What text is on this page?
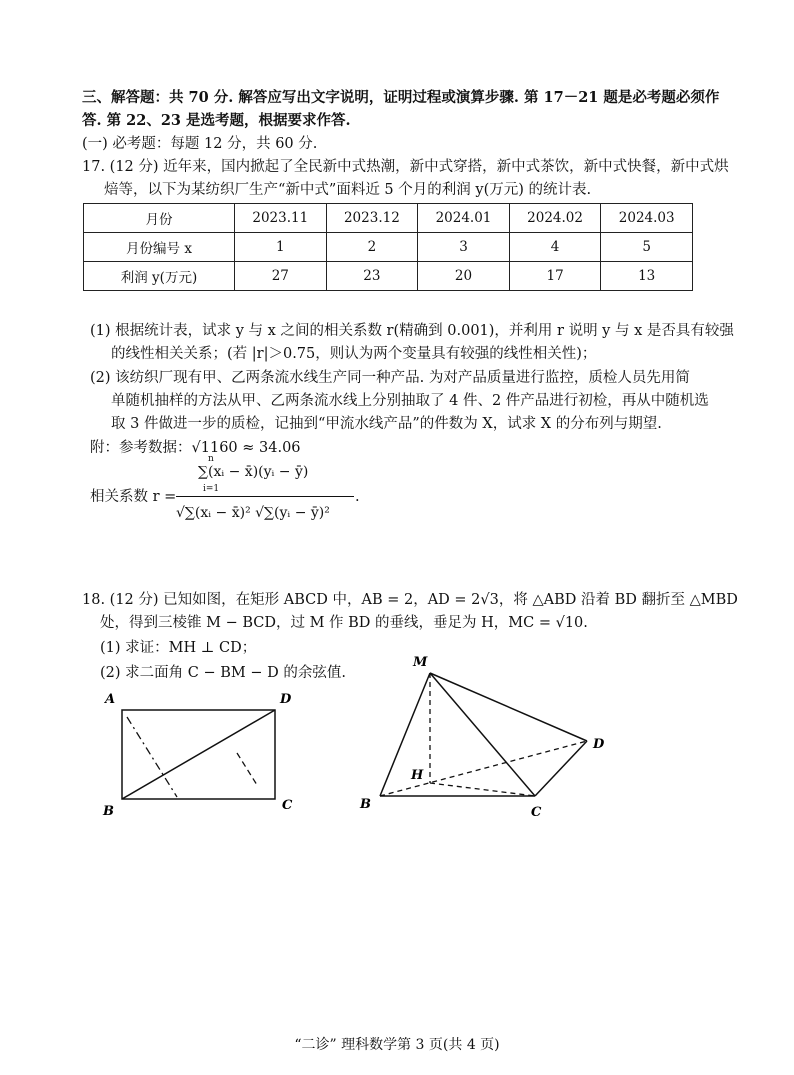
三、解答题：共 70 分. 解答应写出文字说明，证明过程或演算步骤. 第 17－21 题是必考题必须作
答. 第 22、23 是选考题，根据要求作答.
(一) 必考题：每题 12 分，共 60 分.
17. (12 分) 近年来，国内掀起了全民新中式热潮，新中式穿搭，新中式茶饮，新中式快餐，新中式烘
焙等，以下为某纺织厂生产“新中式”面料近 5 个月的利润 y(万元) 的统计表.
月份	2023.11	2023.12	2024.01	2024.02	2024.03
月份编号 x	1	2	3	4	5
利润 y(万元)	27	23	20	17	13
(1) 根据统计表，试求 y 与 x 之间的相关系数 r(精确到 0.001)，并利用 r 说明 y 与 x 是否具有较强
的线性相关关系；(若 |r|＞0.75，则认为两个变量具有较强的线性相关性)；
(2) 该纺织厂现有甲、乙两条流水线生产同一种产品. 为对产品质量进行监控，质检人员先用简
单随机抽样的方法从甲、乙两条流水线上分别抽取了 4 件、2 件产品进行初检，再从中随机选
取 3 件做进一步的质检，记抽到“甲流水线产品”的件数为 X，试求 X 的分布列与期望.
附：参考数据：√1160 ≈ 34.06
相关系数 r =
n
i=1
∑(xᵢ − x̄)(yᵢ − ȳ)
√∑(xᵢ − x̄)² √∑(yᵢ − ȳ)²
.
18. (12 分) 已知如图，在矩形 ABCD 中，AB = 2，AD = 2√3，将 △ABD 沿着 BD 翻折至 △MBD
处，得到三棱锥 M − BCD，过 M 作 BD 的垂线，垂足为 H，MC = √10.
(1) 求证：MH ⊥ CD；
(2) 求二面角 C − BM − D 的余弦值.
A	D
B	C
M
D
H
B
C
“二诊” 理科数学第 3 页(共 4 页)
